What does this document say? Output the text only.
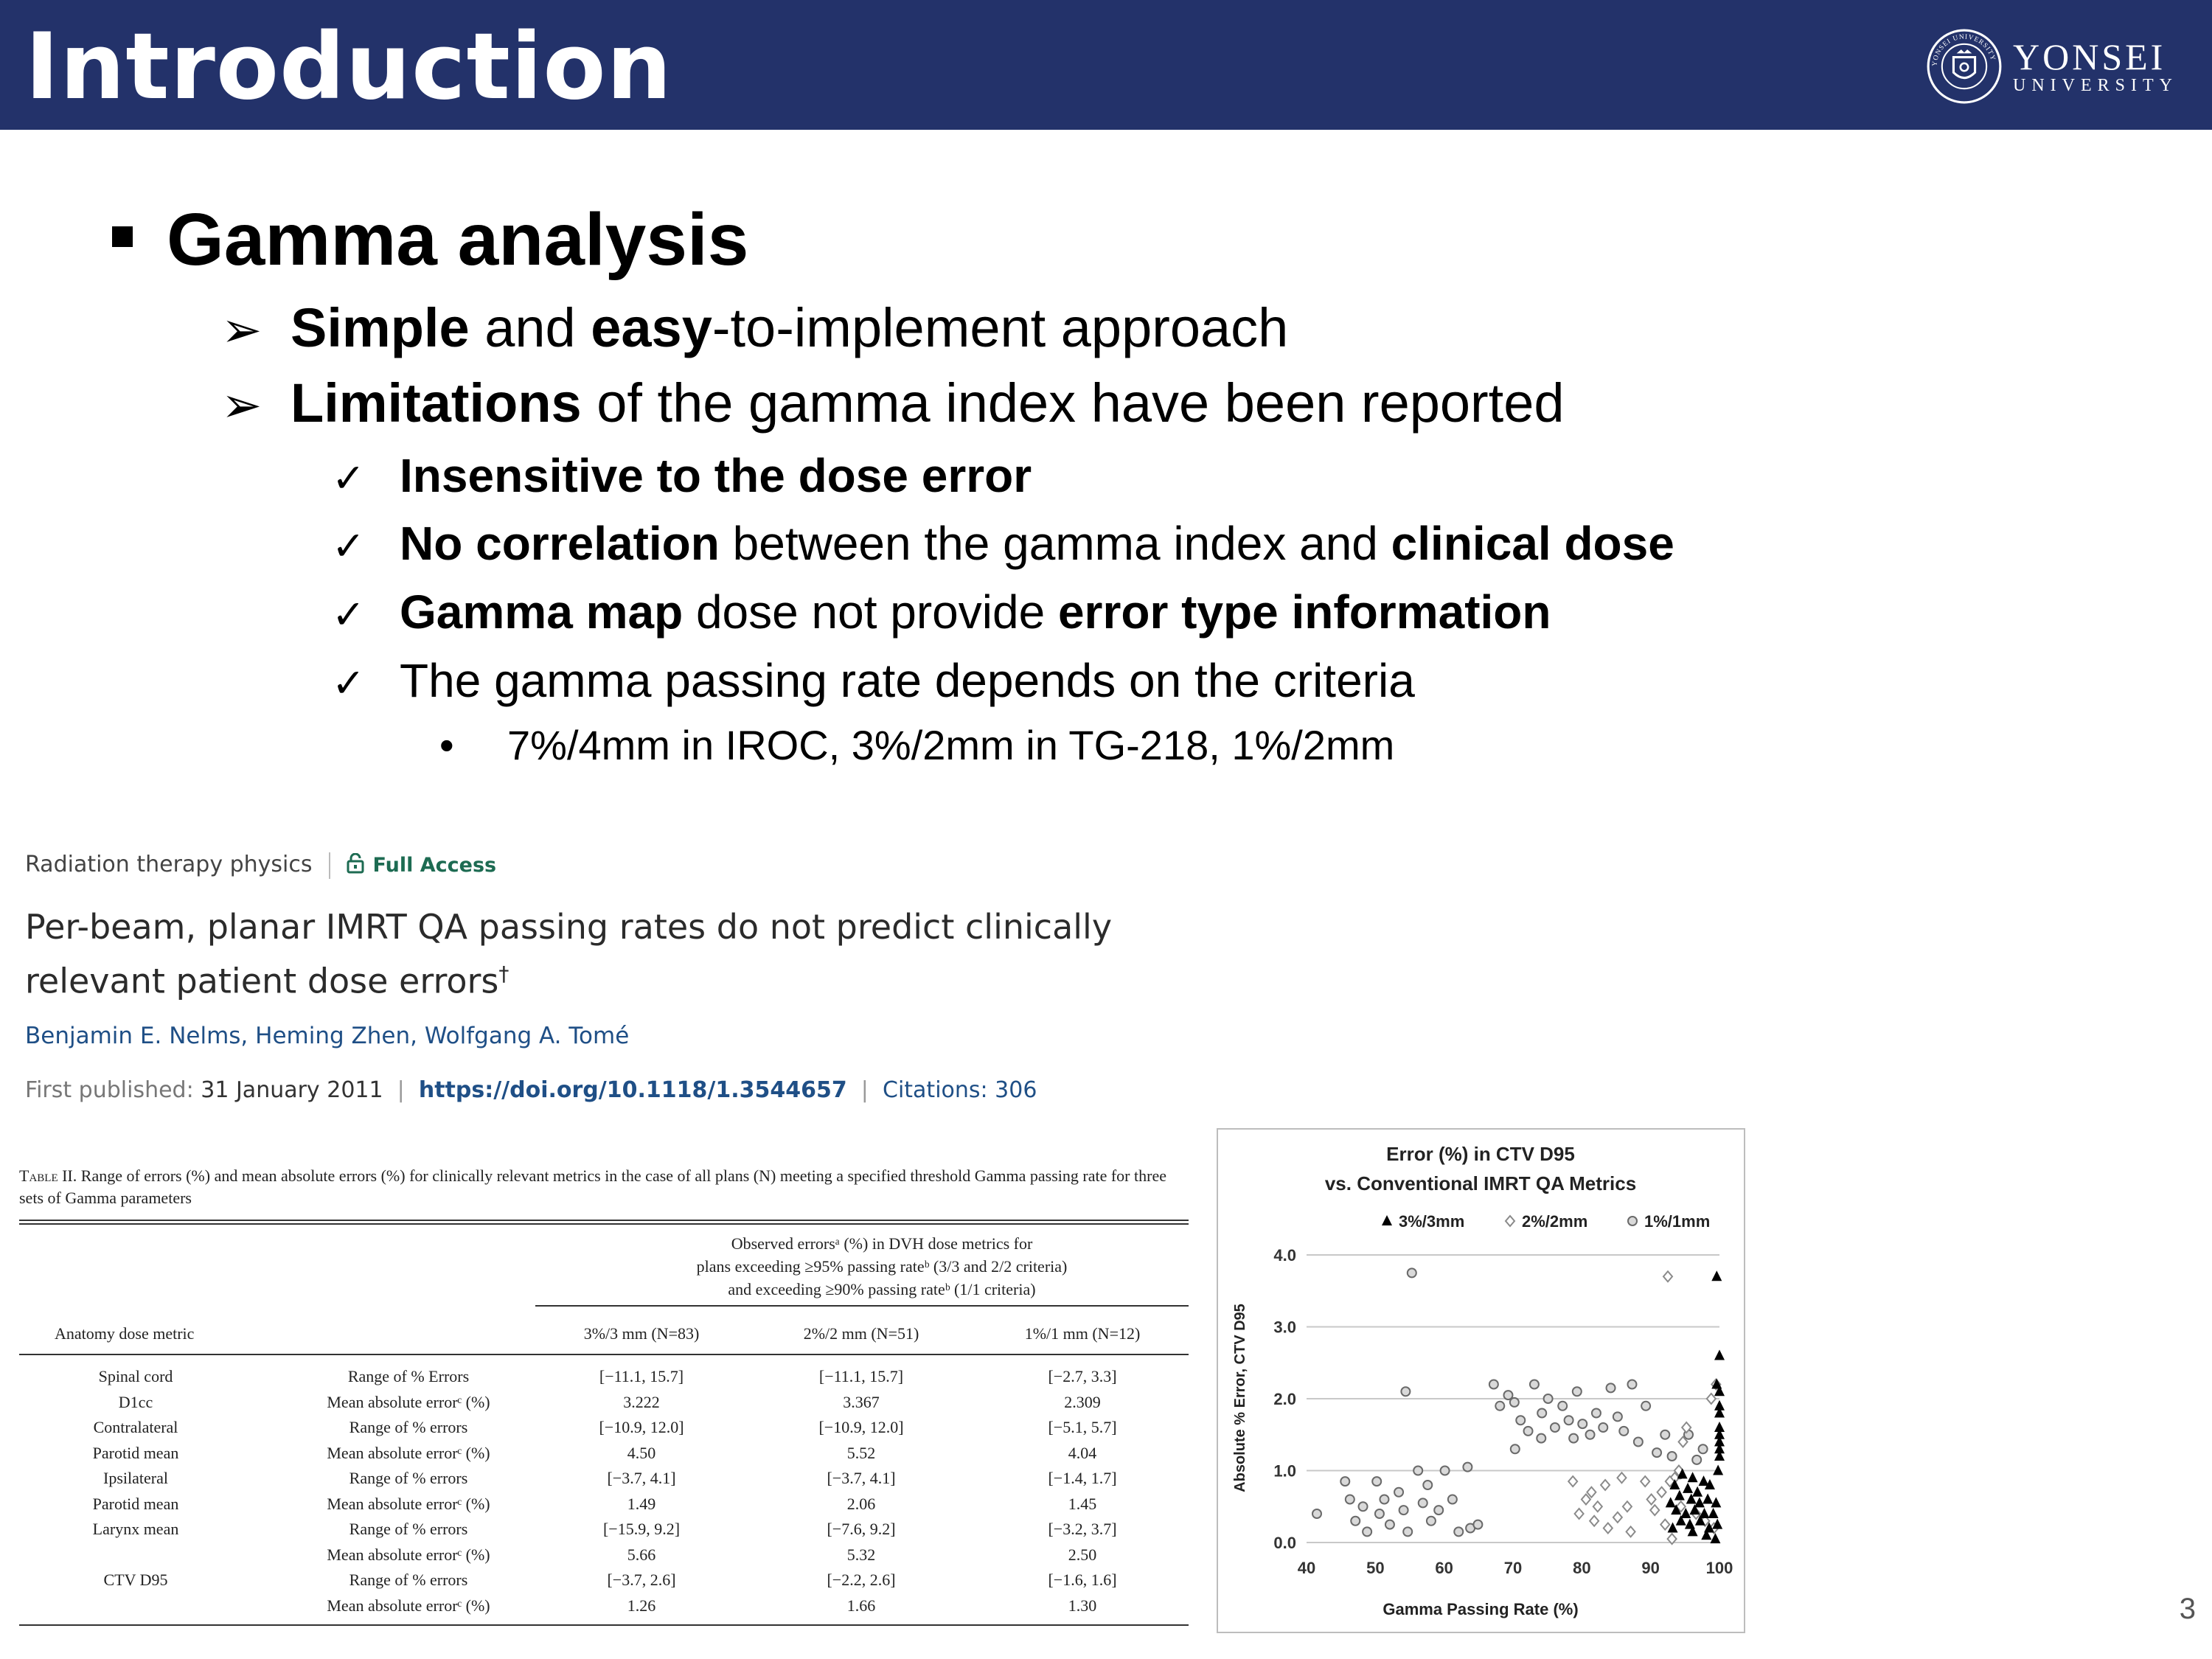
Introduction	YONSEI UNIVERSITY YONSEI
UNIVERSITY
Gamma analysis
➢ Simple and easy-to-implement approach
➢ Limitations of the gamma index have been reported
✓ Insensitive to the dose error
✓ No correlation between the gamma index and clinical dose
✓ Gamma map dose not provide error type information
✓ The gamma passing rate depends on the criteria
• 7%/4mm in IROC, 3%/2mm in TG-218, 1%/2mm
Radiation therapy physics	Full Access
Per-beam, planar IMRT QA passing rates do not predict clinically
relevant patient dose errors†
Benjamin E. Nelms, Heming Zhen, Wolfgang A. Tomé
First published: 31 January 2011  |  https://doi.org/10.1118/1.3544657  |  Citations: 306
Table II. Range of errors (%) and mean absolute errors (%) for clinically relevant metrics in the case of all plans (N) meeting a specified threshold Gamma passing rate for three sets of Gamma parameters
Observed errorsᵃ (%) in DVH dose metrics for
plans exceeding ≥95% passing rateᵇ (3/3 and 2/2 criteria)
and exceeding ≥90% passing rateᵇ (1/1 criteria)
Anatomy dose metric	3%/3 mm (N=83)	2%/2 mm (N=51)	1%/1 mm (N=12)
Spinal cord	Range of % Errors	[−11.1, 15.7]	[−11.1, 15.7]	[−2.7, 3.3]
D1cc	Mean absolute errorᶜ (%)	3.222	3.367	2.309
Contralateral	Range of % errors	[−10.9, 12.0]	[−10.9, 12.0]	[−5.1, 5.7]
Parotid mean	Mean absolute errorᶜ (%)	4.50	5.52	4.04
Ipsilateral	Range of % errors	[−3.7, 4.1]	[−3.7, 4.1]	[−1.4, 1.7]
Parotid mean	Mean absolute errorᶜ (%)	1.49	2.06	1.45
Larynx mean	Range of % errors	[−15.9, 9.2]	[−7.6, 9.2]	[−3.2, 3.7]
Mean absolute errorᶜ (%)	5.66	5.32	2.50
CTV D95	Range of % errors	[−3.7, 2.6]	[−2.2, 2.6]	[−1.6, 1.6]
Mean absolute errorᶜ (%)	1.26	1.66	1.30
Error (%) in CTV D95
vs. Conventional IMRT QA Metrics
3%/3mm	2%/2mm	1%/1mm
0.0
1.0
2.0
3.0
4.0
40	50	60	70	80	90	100
Gamma Passing Rate (%)
Absolute % Error, CTV D95
3
